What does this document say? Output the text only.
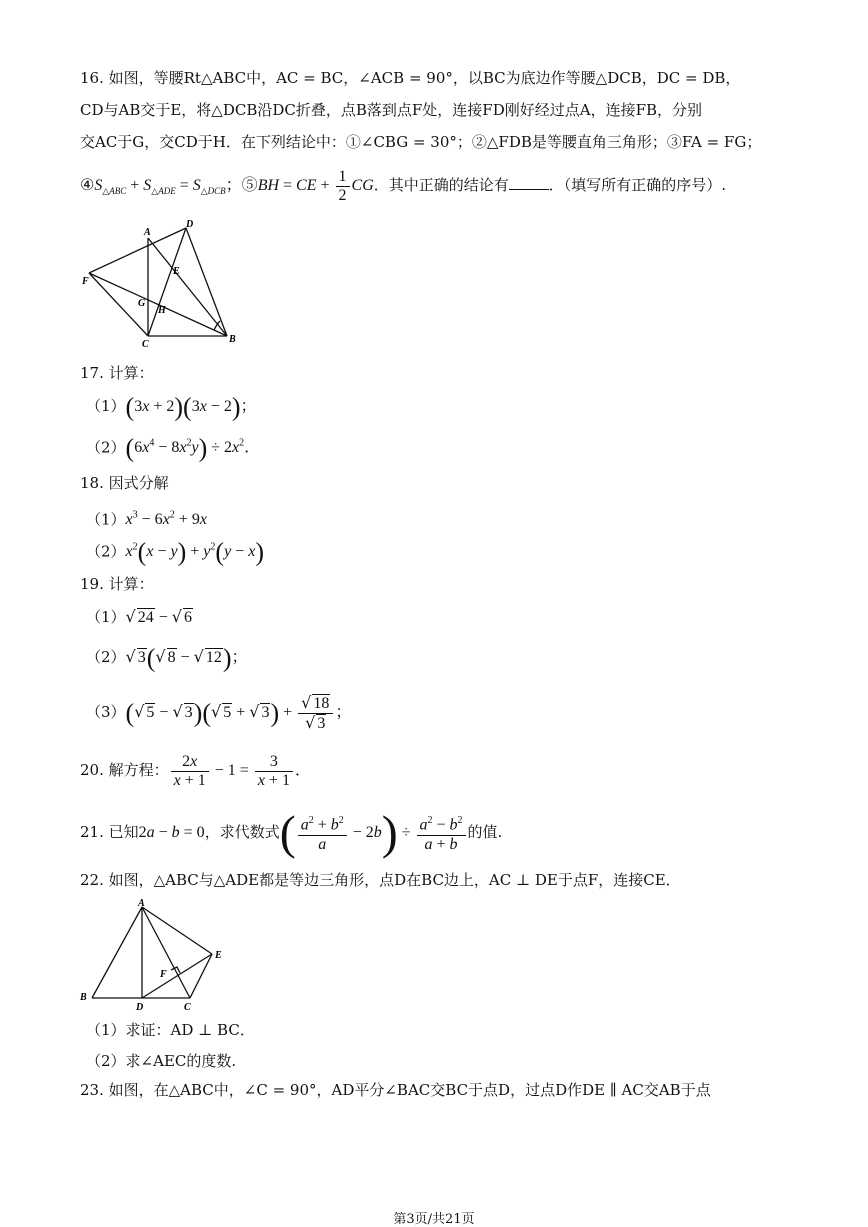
16. 如图，等腰Rt△ABC中，AC = BC，∠ACB = 90°，以BC为底边作等腰△DCB，DC = DB，
CD与AB交于E，将△DCB沿DC折叠，点B落到点F处，连接FD刚好经过点A，连接FB，分别
交AC于G，交CD于H．在下列结论中：①∠CBG = 30°；②△FDB是等腰直角三角形；③FA = FG；
$④S_{\triangle ABC} + S_{\triangle ADE} = S_{\triangle DCB}$；⑤BH = CE + $\frac{1}{2}$ CG．其中正确的结论有	．（填写所有正确的序号）.
A
D
E
F
G
H
C	B
17. 计算：
（1）(3x + 2)(3x − 2)；
$(2)(6x^4 - 8x^2y) \div 2x^2$．
18. 因式分解
$(1)x^3 - 6x^2 + 9x$
$(2)x^2(x - y) + y^2(y - x)$
19. 计算：
（1）√ 24 − √ 6
（2）√ 3(√ 8 − √ 12)；
（3）(√ 5 − √ 3)(√ 5 + √ $3) + \frac{√ 18}{√ 3}$ ；
20. 解方程： $\frac{2x}{x + 1} - 1 = \frac{3}{x + 1}$ ．
21. 已知2a − b = 0，求代数式( $\frac{a^2 + b^2}{a} - 2b) \div \frac{a^2 - b^2}{a + b}$ 的值.
22. 如图，△ABC与△ADE都是等边三角形，点D在BC边上，AC ⊥ DE于点F，连接CE．
A
E
F
B
D	C
（1）求证：AD ⊥ BC．
（2）求∠AEC的度数.
23. 如图，在△ABC中，∠C = 90°，AD平分∠BAC交BC于点D，过点D作DE ∥ AC交AB于点
第3页/共21页
